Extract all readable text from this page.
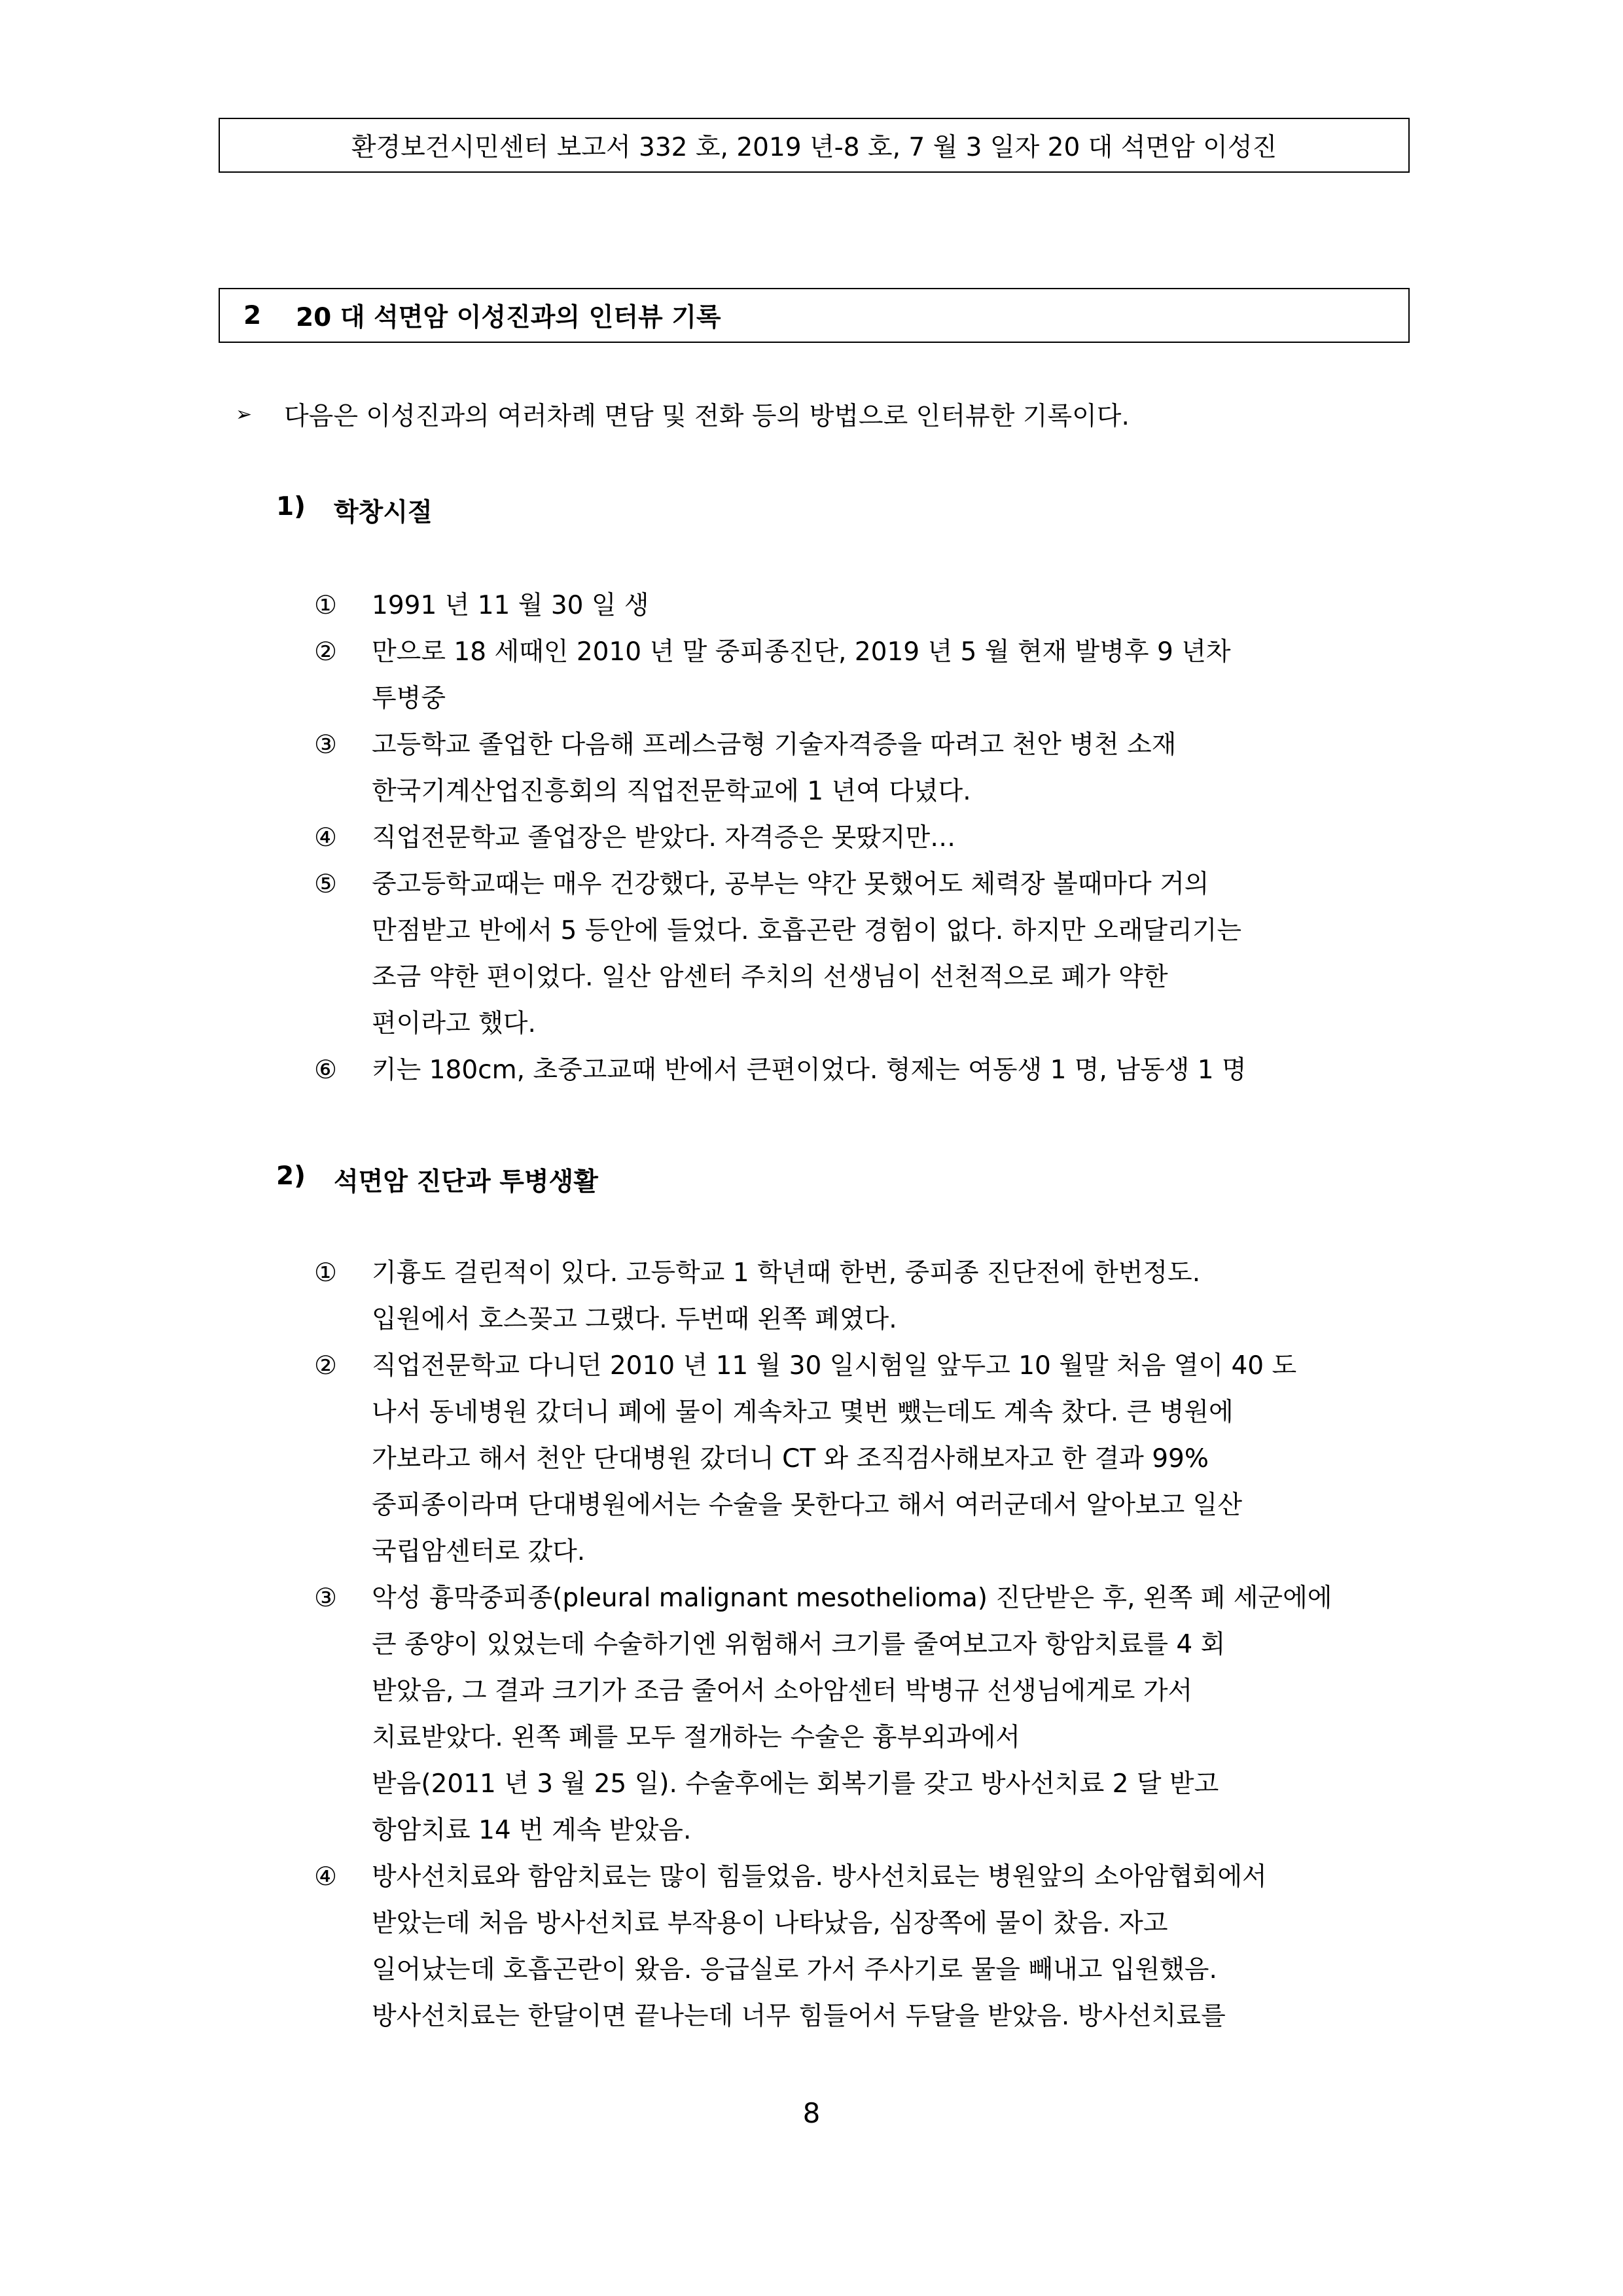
환경보건시민센터 보고서 332 호, 2019 년-8 호, 7 월 3 일자 20 대 석면암 이성진
2	20 대 석면암 이성진과의 인터뷰 기록
➢	다음은 이성진과의 여러차례 면담 및 전화 등의 방법으로 인터뷰한 기록이다.
1)	학창시절
①	1991 년 11 월 30 일 생
②	만으로 18 세때인 2010 년 말 중피종진단, 2019 년 5 월 현재 발병후 9 년차
투병중
③	고등학교 졸업한 다음해 프레스금형 기술자격증을 따려고 천안 병천 소재
한국기계산업진흥회의 직업전문학교에 1 년여 다녔다.
④	직업전문학교 졸업장은 받았다. 자격증은 못땄지만…
⑤	중고등학교때는 매우 건강했다, 공부는 약간 못했어도 체력장 볼때마다 거의
만점받고 반에서 5 등안에 들었다. 호흡곤란 경험이 없다. 하지만 오래달리기는
조금 약한 편이었다. 일산 암센터 주치의 선생님이 선천적으로 폐가 약한
편이라고 했다.
⑥	키는 180cm, 초중고교때 반에서 큰편이었다. 형제는 여동생 1 명, 남동생 1 명
2)	석면암 진단과 투병생활
①	기흉도 걸린적이 있다. 고등학교 1 학년때 한번, 중피종 진단전에 한번정도.
입원에서 호스꽂고 그랬다. 두번때 왼쪽 폐였다.
②	직업전문학교 다니던 2010 년 11 월 30 일시험일 앞두고 10 월말 처음 열이 40 도
나서 동네병원 갔더니 폐에 물이 계속차고 몇번 뺐는데도 계속 찼다. 큰 병원에
가보라고 해서 천안 단대병원 갔더니 CT 와 조직검사해보자고 한 결과 99%
중피종이라며 단대병원에서는 수술을 못한다고 해서 여러군데서 알아보고 일산
국립암센터로 갔다.
③	악성 흉막중피종(pleural malignant mesothelioma) 진단받은 후, 왼쪽 폐 세군에에
큰 종양이 있었는데 수술하기엔 위험해서 크기를 줄여보고자 항암치료를 4 회
받았음, 그 결과 크기가 조금 줄어서 소아암센터 박병규 선생님에게로 가서
치료받았다. 왼쪽 폐를 모두 절개하는 수술은 흉부외과에서
받음(2011 년 3 월 25 일). 수술후에는 회복기를 갖고 방사선치료 2 달 받고
항암치료 14 번 계속 받았음.
④	방사선치료와 함암치료는 많이 힘들었음. 방사선치료는 병원앞의 소아암협회에서
받았는데 처음 방사선치료 부작용이 나타났음, 심장쪽에 물이 찼음. 자고
일어났는데 호흡곤란이 왔음. 응급실로 가서 주사기로 물을 빼내고 입원했음.
방사선치료는 한달이면 끝나는데 너무 힘들어서 두달을 받았음. 방사선치료를
8
